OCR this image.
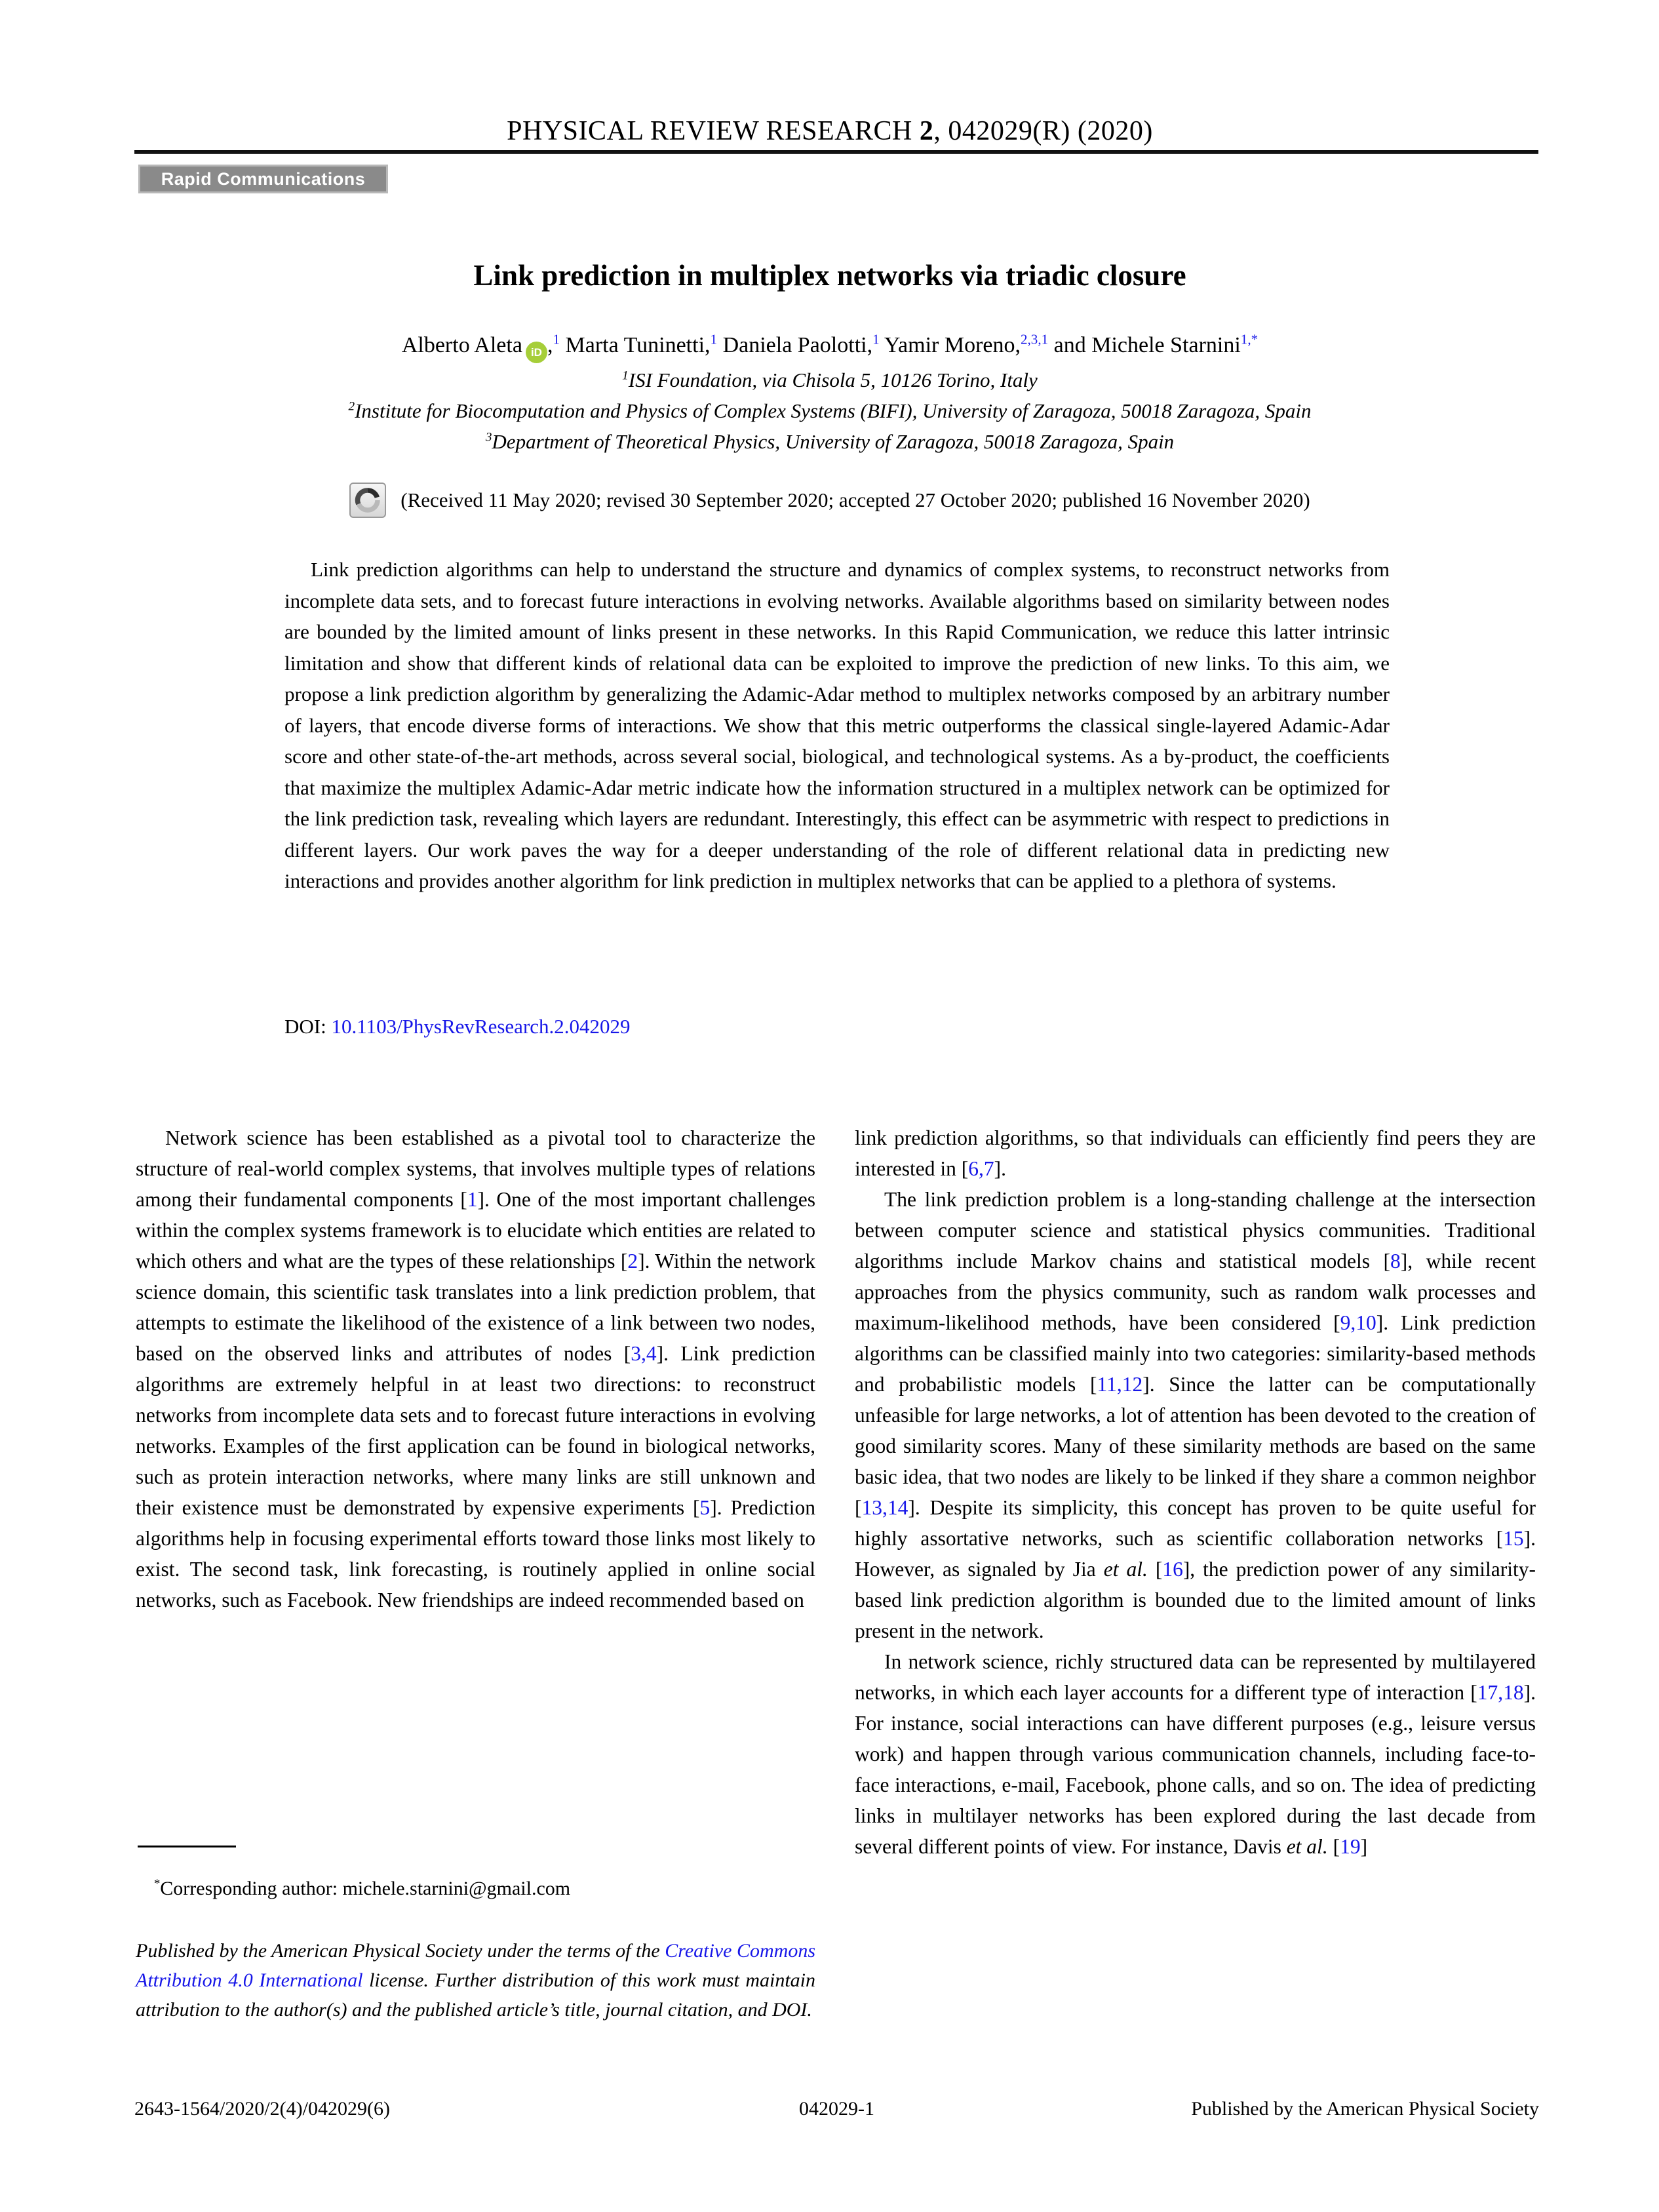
PHYSICAL REVIEW RESEARCH 2, 042029(R) (2020)
Rapid Communications
Link prediction in multiplex networks via triadic closure
Alberto Aleta iD ,$^1$ Marta Tuninetti,$^1$ Daniela Paolotti,$^1$ Yamir Moreno,$^{2,3,1}$ and Michele Starnini$^{1,*}$
$^1$ISI Foundation, via Chisola 5, 10126 Torino, Italy
$^2$Institute for Biocomputation and Physics of Complex Systems (BIFI), University of Zaragoza, 50018 Zaragoza, Spain
$^3$Department of Theoretical Physics, University of Zaragoza, 50018 Zaragoza, Spain
(Received 11 May 2020; revised 30 September 2020; accepted 27 October 2020; published 16 November 2020)
Link prediction algorithms can help to understand the structure and dynamics of complex systems, to reconstruct networks from incomplete data sets, and to forecast future interactions in evolving networks. Available algorithms based on similarity between nodes are bounded by the limited amount of links present in these networks. In this Rapid Communication, we reduce this latter intrinsic limitation and show that different kinds of relational data can be exploited to improve the prediction of new links. To this aim, we propose a link prediction algorithm by generalizing the Adamic-Adar method to multiplex networks composed by an arbitrary number of layers, that encode diverse forms of interactions. We show that this metric outperforms the classical single-layered Adamic-Adar score and other state-of-the-art methods, across several social, biological, and technological systems. As a by-product, the coefficients that maximize the multiplex Adamic-Adar metric indicate how the information structured in a multiplex network can be optimized for the link prediction task, revealing which layers are redundant. Interestingly, this effect can be asymmetric with respect to predictions in different layers. Our work paves the way for a deeper understanding of the role of different relational data in predicting new interactions and provides another algorithm for link prediction in multiplex networks that can be applied to a plethora of systems.
DOI: 10.1103/PhysRevResearch.2.042029

Network science has been established as a pivotal tool to characterize the structure of real-world complex systems, that involves multiple types of relations among their fundamental components [1]. One of the most important challenges within the complex systems framework is to elucidate which entities are related to which others and what are the types of these relationships [2]. Within the network science domain, this scientific task translates into a link prediction problem, that attempts to estimate the likelihood of the existence of a link between two nodes, based on the observed links and attributes of nodes [3,4]. Link prediction algorithms are extremely helpful in at least two directions: to reconstruct networks from incomplete data sets and to forecast future interactions in evolving networks. Examples of the first application can be found in biological networks, such as protein interaction networks, where many links are still unknown and their existence must be demonstrated by expensive experiments [5]. Prediction algorithms help in focusing experimental efforts toward those links most likely to exist. The second task, link forecasting, is routinely applied in online social networks, such as Facebook. New friendships are indeed recommended based on

link prediction algorithms, so that individuals can efficiently find peers they are interested in [6,7].

The link prediction problem is a long-standing challenge at the intersection between computer science and statistical physics communities. Traditional algorithms include Markov chains and statistical models [8], while recent approaches from the physics community, such as random walk processes and maximum-likelihood methods, have been considered [9,10]. Link prediction algorithms can be classified mainly into two categories: similarity-based methods and probabilistic models [11,12]. Since the latter can be computationally unfeasible for large networks, a lot of attention has been devoted to the creation of good similarity scores. Many of these similarity methods are based on the same basic idea, that two nodes are likely to be linked if they share a common neighbor [13,14]. Despite its simplicity, this concept has proven to be quite useful for highly assortative networks, such as scientific collaboration networks [15]. However, as signaled by Jia et al. [16], the prediction power of any similarity-based link prediction algorithm is bounded due to the limited amount of links present in the network.

In network science, richly structured data can be represented by multilayered networks, in which each layer accounts for a different type of interaction [17,18]. For instance, social interactions can have different purposes (e.g., leisure versus work) and happen through various communication channels, including face-to-face interactions, e-mail, Facebook, phone calls, and so on. The idea of predicting links in multilayer networks has been explored during the last decade from several different points of view. For instance, Davis et al. [19]

*Corresponding author: michele.starnini@gmail.com

Published by the American Physical Society under the terms of the Creative Commons Attribution 4.0 International license. Further distribution of this work must maintain attribution to the author(s) and the published article’s title, journal citation, and DOI.

2643-1564/2020/2(4)/042029(6)	042029-1	Published by the American Physical Society
